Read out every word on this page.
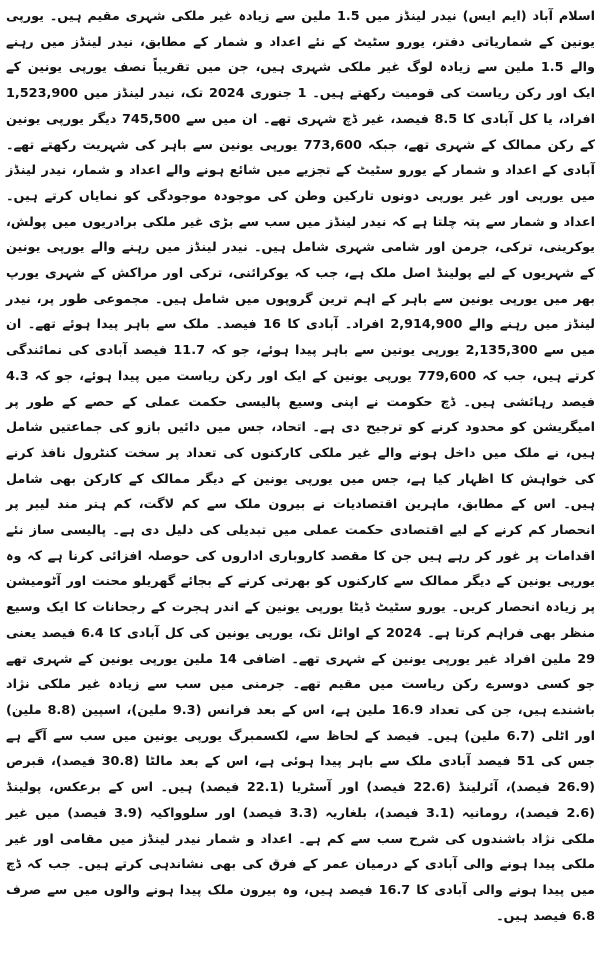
اسلام آباد (ایم ایس) نیدر لینڈز میں 1.5 ملین سے زیادہ غیر ملکی شہری مقیم ہیں۔ یورپی یونین کے شماریاتی دفتر، یورو سٹیٹ کے نئے اعداد و شمار کے مطابق، نیدر لینڈز میں رہنے والے 1.5 ملین سے زیادہ لوگ غیر ملکی شہری ہیں، جن میں تقریباً نصف یورپی یونین کے ایک اور رکن ریاست کی قومیت رکھتے ہیں۔ 1 جنوری 2024 تک، نیدر لینڈز میں 1,523,900 افراد، یا کل آبادی کا 8.5 فیصد، غیر ڈچ شہری تھے۔ ان میں سے 745,500 دیگر یورپی یونین کے رکن ممالک کے شہری تھے، جبکہ 773,600 یورپی یونین سے باہر کی شہریت رکھتے تھے۔ آبادی کے اعداد و شمار کے یورو سٹیٹ کے تجزیے میں شائع ہونے والے اعداد و شمار، نیدر لینڈز میں یورپی اور غیر یورپی دونوں تارکین وطن کی موجودہ موجودگی کو نمایاں کرتے ہیں۔ اعداد و شمار سے پتہ چلتا ہے کہ نیدر لینڈز میں سب سے بڑی غیر ملکی برادریوں میں پولش، یوکرینی، ترکی، جرمن اور شامی شہری شامل ہیں۔ نیدر لینڈز میں رہنے والے یورپی یونین کے شہریوں کے لیے پولینڈ اصل ملک ہے، جب کہ یوکرائنی، ترکی اور مراکش کے شہری یورپ بھر میں یورپی یونین سے باہر کے اہم ترین گروپوں میں شامل ہیں۔ مجموعی طور پر، نیدر لینڈز میں رہنے والے 2,914,900 افراد۔ آبادی کا 16 فیصد۔ ملک سے باہر پیدا ہوئے تھے۔ ان میں سے 2,135,300 یورپی یونین سے باہر پیدا ہوئے، جو کہ 11.7 فیصد آبادی کی نمائندگی کرتے ہیں، جب کہ 779,600 یورپی یونین کے ایک اور رکن ریاست میں پیدا ہوئے، جو کہ 4.3 فیصد رہائشی ہیں۔ ڈچ حکومت نے اپنی وسیع پالیسی حکمت عملی کے حصے کے طور پر امیگریشن کو محدود کرنے کو ترجیح دی ہے۔ اتحاد، جس میں دائیں بازو کی جماعتیں شامل ہیں، نے ملک میں داخل ہونے والے غیر ملکی کارکنوں کی تعداد پر سخت کنٹرول نافذ کرنے کی خواہش کا اظہار کیا ہے، جس میں یورپی یونین کے دیگر ممالک کے کارکن بھی شامل ہیں۔ اس کے مطابق، ماہرین اقتصادیات نے بیرون ملک سے کم لاگت، کم ہنر مند لیبر پر انحصار کم کرنے کے لیے اقتصادی حکمت عملی میں تبدیلی کی دلیل دی ہے۔ پالیسی ساز نئے اقدامات پر غور کر رہے ہیں جن کا مقصد کاروباری اداروں کی حوصلہ افزائی کرنا ہے کہ وہ یورپی یونین کے دیگر ممالک سے کارکنوں کو بھرتی کرنے کے بجائے گھریلو محنت اور آٹومیشن پر زیادہ انحصار کریں۔ یورو سٹیٹ ڈیٹا یورپی یونین کے اندر ہجرت کے رجحانات کا ایک وسیع منظر بھی فراہم کرتا ہے۔ 2024 کے اوائل تک، یورپی یونین کی کل آبادی کا 6.4 فیصد یعنی 29 ملین افراد غیر یورپی یونین کے شہری تھے۔ اضافی 14 ملین یورپی یونین کے شہری تھے جو کسی دوسرے رکن ریاست میں مقیم تھے۔ جرمنی میں سب سے زیادہ غیر ملکی نژاد باشندے ہیں، جن کی تعداد 16.9 ملین ہے، اس کے بعد فرانس (9.3 ملین)، اسپین (8.8 ملین) اور اٹلی (6.7 ملین) ہیں۔ فیصد کے لحاظ سے، لکسمبرگ یورپی یونین میں سب سے آگے ہے جس کی 51 فیصد آبادی ملک سے باہر پیدا ہوئی ہے، اس کے بعد مالٹا (30.8 فیصد)، قبرص (26.9 فیصد)، آئرلینڈ (22.6 فیصد) اور آسٹریا (22.1 فیصد) ہیں۔ اس کے برعکس، پولینڈ (2.6 فیصد)، رومانیہ (3.1 فیصد)، بلغاریہ (3.3 فیصد) اور سلوواکیہ (3.9 فیصد) میں غیر ملکی نژاد باشندوں کی شرح سب سے کم ہے۔ اعداد و شمار نیدر لینڈز میں مقامی اور غیر ملکی پیدا ہونے والی آبادی کے درمیان عمر کے فرق کی بھی نشاندہی کرتے ہیں۔ جب کہ ڈچ میں پیدا ہونے والی آبادی کا 16.7 فیصد ہیں، وہ بیرون ملک پیدا ہونے والوں میں سے صرف 6.8 فیصد ہیں۔
